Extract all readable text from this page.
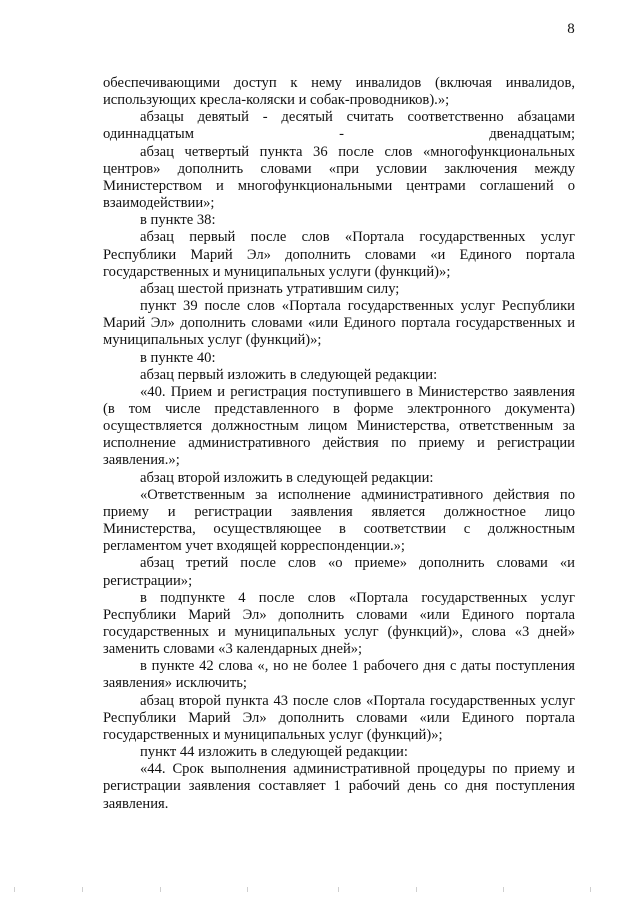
8

обеспечивающими доступ к нему инвалидов (включая инвалидов, использующих кресла-коляски и собак-проводников).»;

абзацы девятый - десятый считать соответственно абзацами одиннадцатым - двенадцатым;

абзац четвертый пункта 36 после слов «многофункциональных центров» дополнить словами «при условии заключения между Министерством и многофункциональными центрами соглашений о взаимодействии»;

в пункте 38:

абзац первый после слов «Портала государственных услуг Республики Марий Эл» дополнить словами «и Единого портала государственных и муниципальных услуги (функций)»;

абзац шестой признать утратившим силу;

пункт 39 после слов «Портала государственных услуг Республики Марий Эл» дополнить словами «или Единого портала государственных и муниципальных услуг (функций)»;

в пункте 40:

абзац первый изложить в следующей редакции:

«40. Прием и регистрация поступившего в Министерство заявления (в том числе представленного в форме электронного документа) осуществляется должностным лицом Министерства, ответственным за исполнение административного действия по приему и регистрации заявления.»;

абзац второй изложить в следующей редакции:

«Ответственным за исполнение административного действия по приему и регистрации заявления является должностное лицо Министерства, осуществляющее в соответствии с должностным регламентом учет входящей корреспонденции.»;

абзац третий после слов «о приеме» дополнить словами «и регистрации»;

в подпункте 4 после слов «Портала государственных услуг Республики Марий Эл» дополнить словами «или Единого портала государственных и муниципальных услуг (функций)», слова «3 дней» заменить словами «3 календарных дней»;

в пункте 42 слова «, но не более 1 рабочего дня с даты поступления заявления» исключить;

абзац второй пункта 43 после слов «Портала государственных услуг Республики Марий Эл» дополнить словами «или Единого портала государственных и муниципальных услуг (функций)»;

пункт 44 изложить в следующей редакции:

«44. Срок выполнения административной процедуры по приему и регистрации заявления составляет 1 рабочий день со дня поступления заявления.
